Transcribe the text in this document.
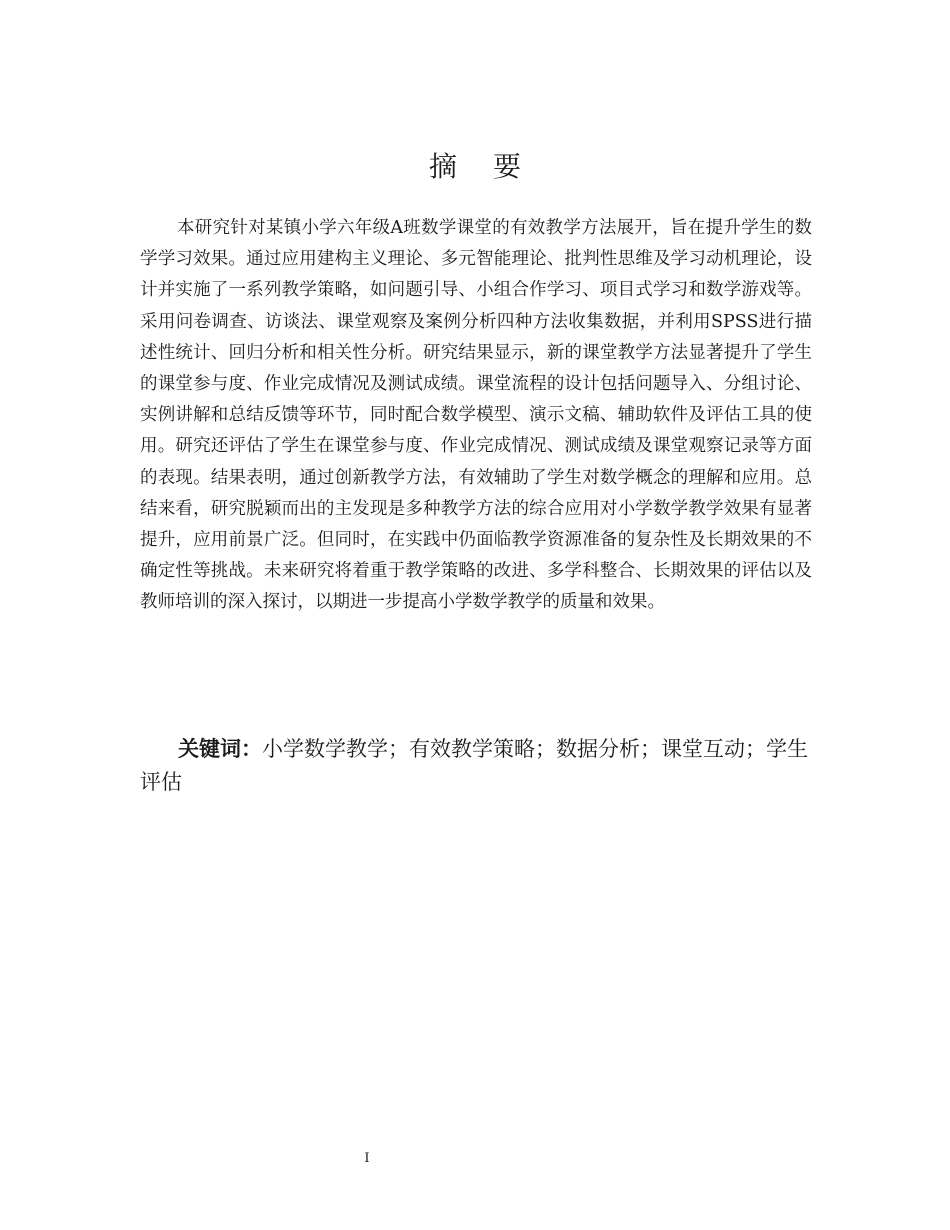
摘要

本研究针对某镇小学六年级A班数学课堂的有效教学方法展开，旨在提升学生的数学学习效果。通过应用建构主义理论、多元智能理论、批判性思维及学习动机理论，设计并实施了一系列教学策略，如问题引导、小组合作学习、项目式学习和数学游戏等。采用问卷调查、访谈法、课堂观察及案例分析四种方法收集数据，并利用SPSS进行描述性统计、回归分析和相关性分析。研究结果显示，新的课堂教学方法显著提升了学生的课堂参与度、作业完成情况及测试成绩。课堂流程的设计包括问题导入、分组讨论、实例讲解和总结反馈等环节，同时配合数学模型、演示文稿、辅助软件及评估工具的使用。研究还评估了学生在课堂参与度、作业完成情况、测试成绩及课堂观察记录等方面的表现。结果表明，通过创新教学方法，有效辅助了学生对数学概念的理解和应用。总结来看，研究脱颖而出的主发现是多种教学方法的综合应用对小学数学教学效果有显著提升，应用前景广泛。但同时，在实践中仍面临教学资源准备的复杂性及长期效果的不确定性等挑战。未来研究将着重于教学策略的改进、多学科整合、长期效果的评估以及教师培训的深入探讨，以期进一步提高小学数学教学的质量和效果。

关键词：小学数学教学；有效教学策略；数据分析；课堂互动；学生评估

I
